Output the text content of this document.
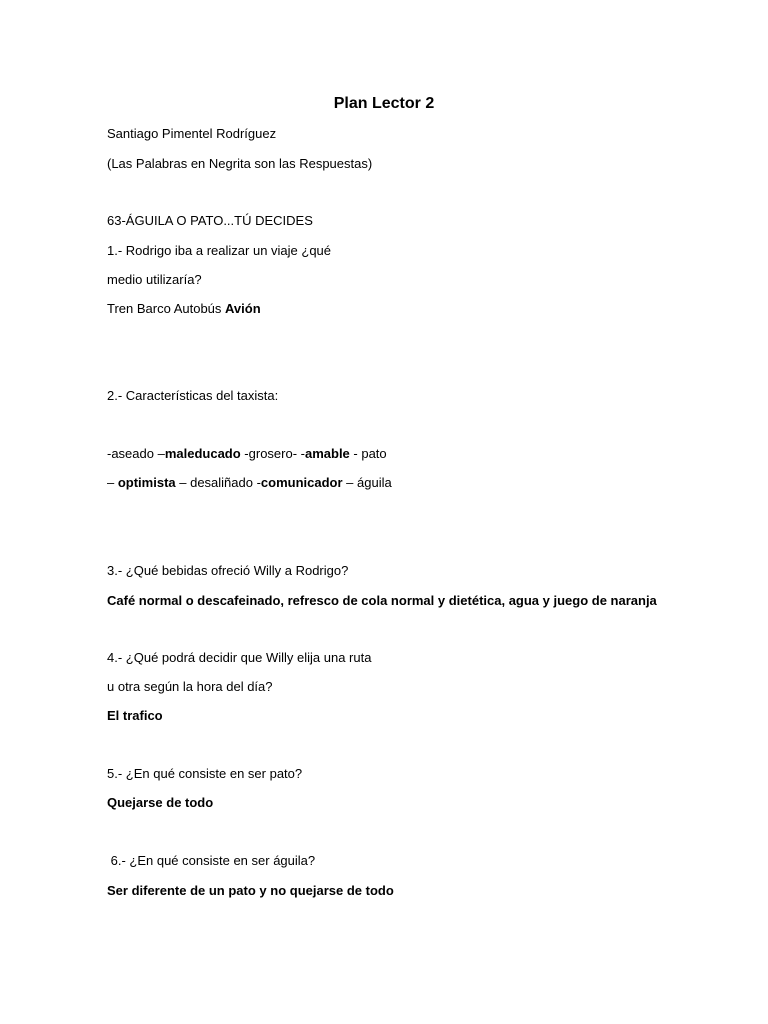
Plan Lector 2
Santiago Pimentel Rodríguez
(Las Palabras en Negrita son las Respuestas)
63-ÁGUILA O PATO...TÚ DECIDES
1.- Rodrigo iba a realizar un viaje ¿qué
medio utilizaría?
Tren Barco Autobús Avión
2.- Características del taxista:
-aseado –maleducado -grosero- -amable - pato
– optimista – desaliñado -comunicador – águila
3.- ¿Qué bebidas ofreció Willy a Rodrigo?
Café normal o descafeinado, refresco de cola normal y dietética, agua y juego de naranja
4.- ¿Qué podrá decidir que Willy elija una ruta
u otra según la hora del día?
El trafico
5.- ¿En qué consiste en ser pato?
Quejarse de todo
6.- ¿En qué consiste en ser águila?
Ser diferente de un pato y no quejarse de todo
